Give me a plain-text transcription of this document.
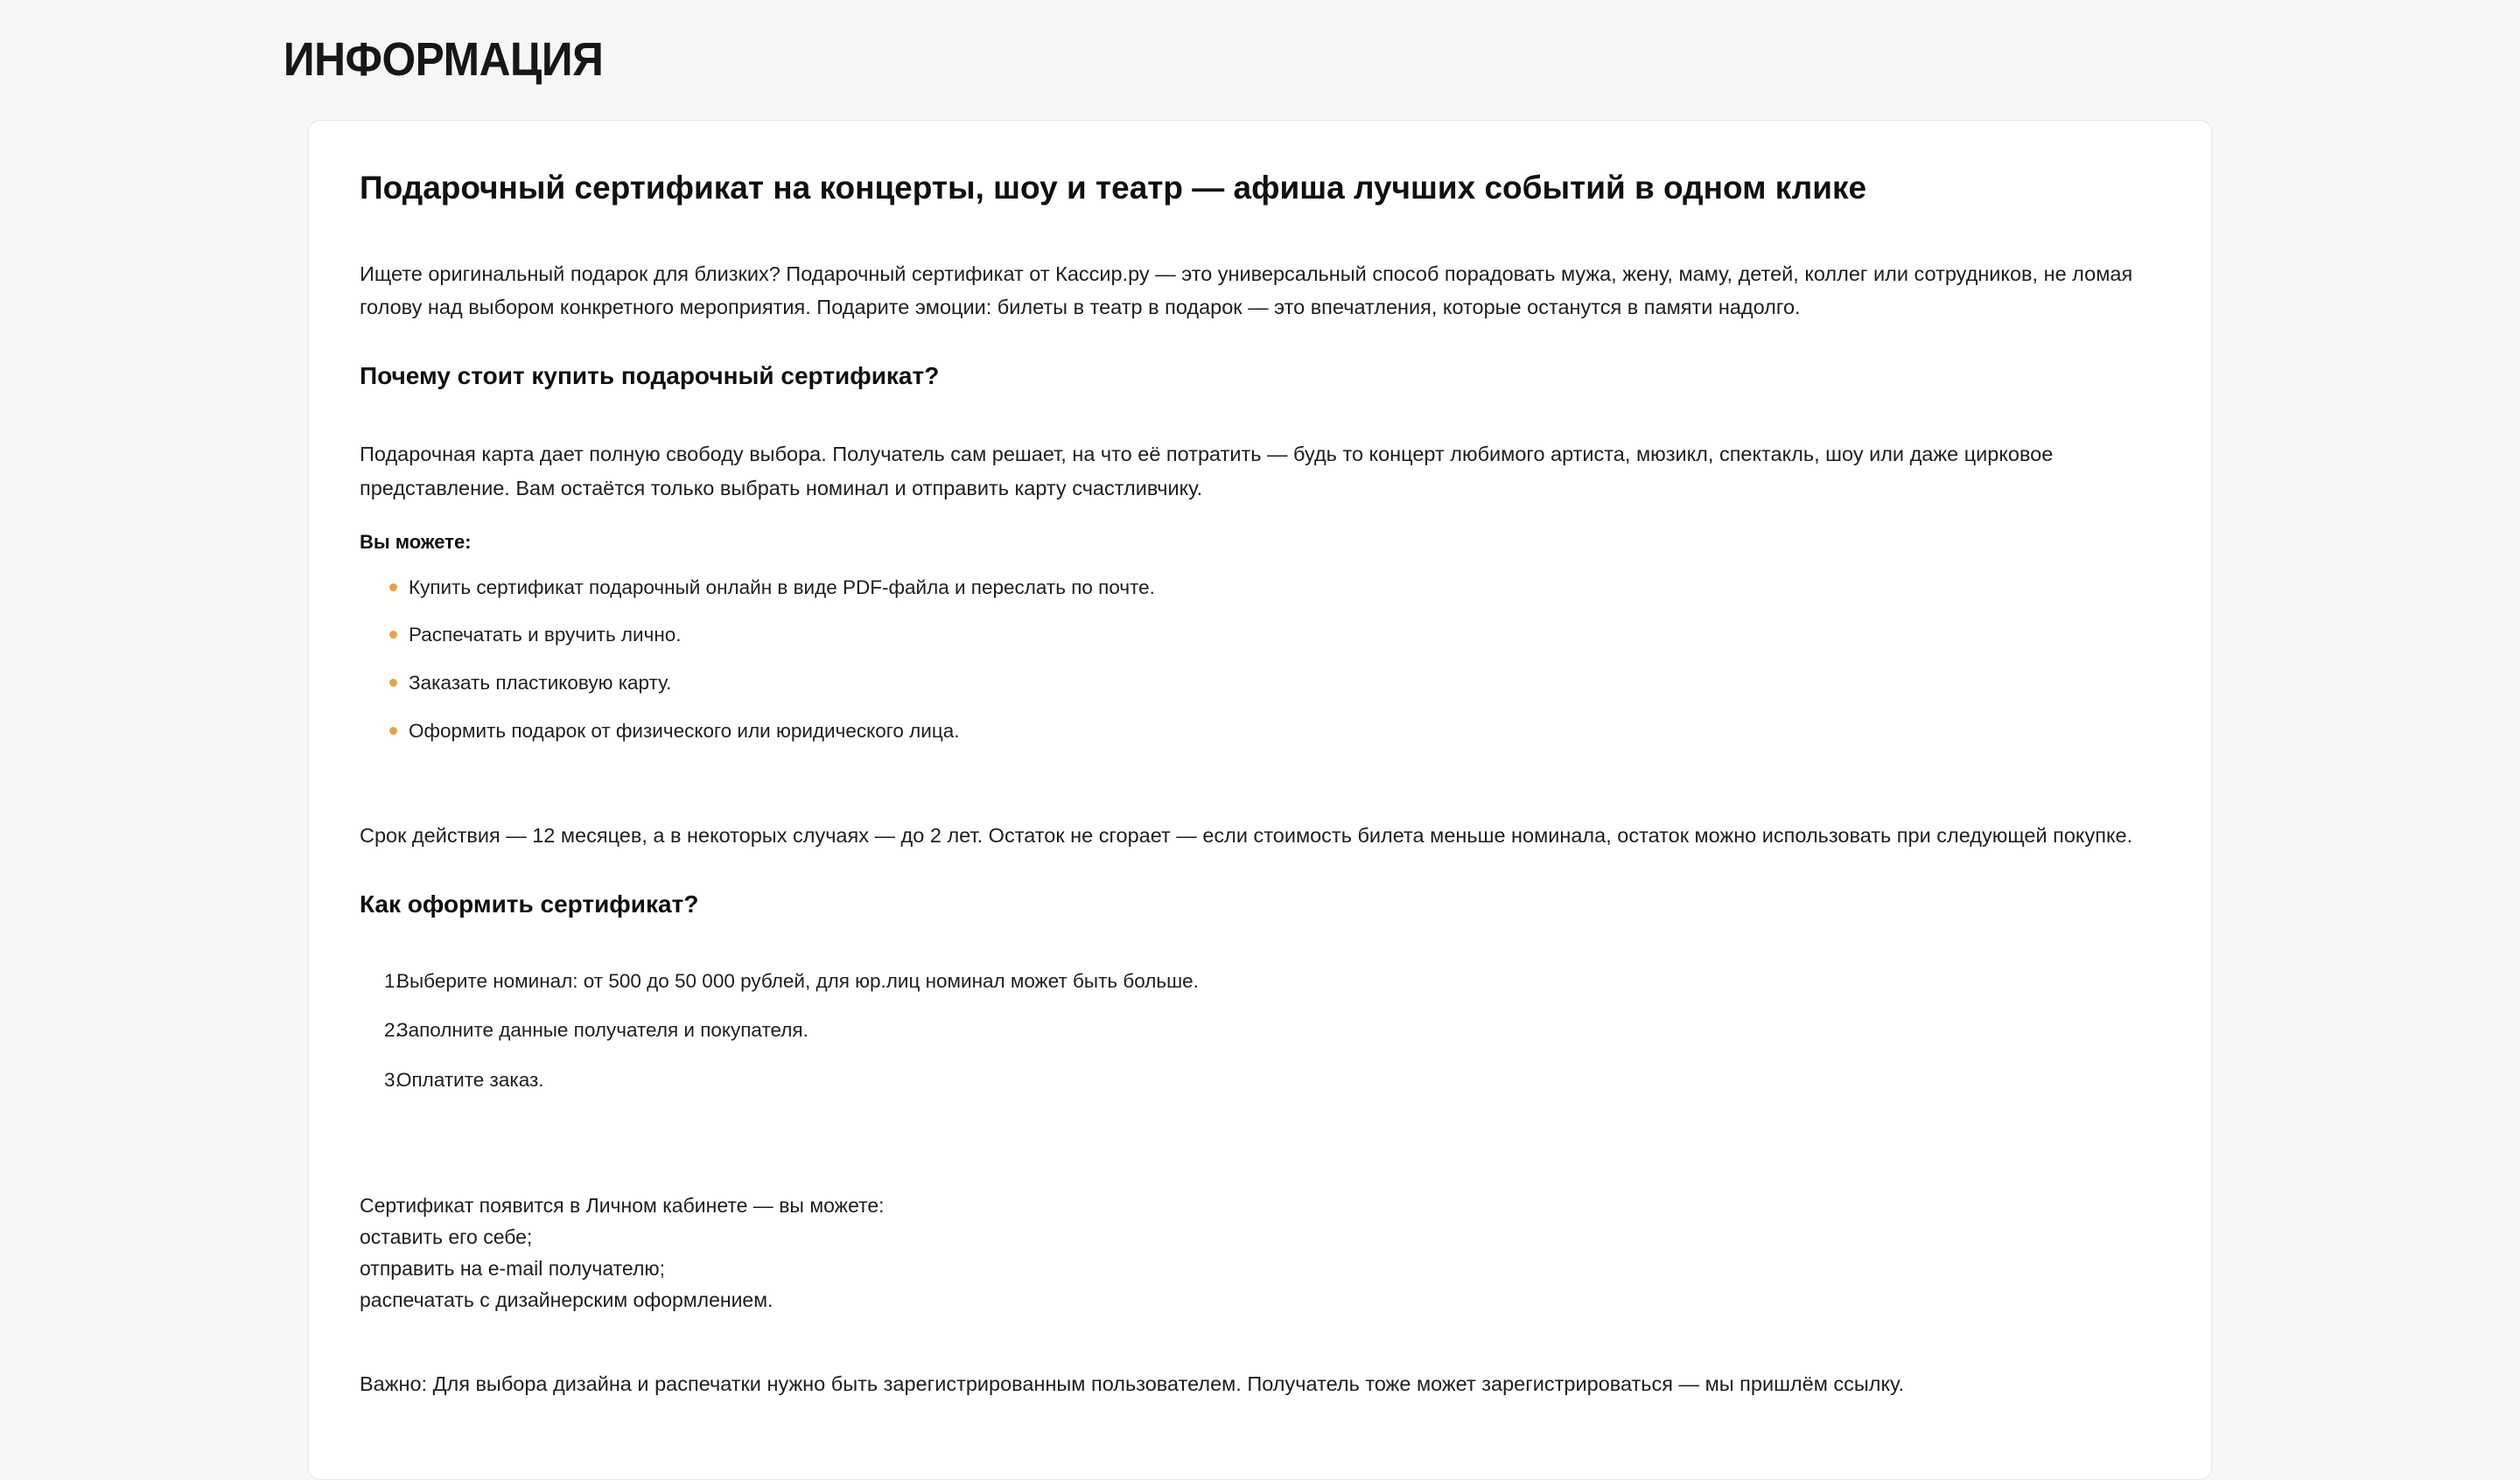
ИНФОРМАЦИЯ
Подарочный сертификат на концерты, шоу и театр — афиша лучших событий в одном клике

Ищете оригинальный подарок для близких? Подарочный сертификат от Кассир.ру — это универсальный способ порадовать мужа, жену, маму, детей, коллег или сотрудников, не ломая голову над выбором конкретного мероприятия. Подарите эмоции: билеты в театр в подарок — это впечатления, которые останутся в памяти надолго.

Почему стоит купить подарочный сертификат?

Подарочная карта дает полную свободу выбора. Получатель сам решает, на что её потратить — будь то концерт любимого артиста, мюзикл, спектакль, шоу или даже цирковое представление. Вам остаётся только выбрать номинал и отправить карту счастливчику.

Вы можете:

Купить сертификат подарочный онлайн в виде PDF-файла и переслать по почте.
Распечатать и вручить лично.
Заказать пластиковую карту.
Оформить подарок от физического или юридического лица.

Срок действия — 12 месяцев, а в некоторых случаях — до 2 лет. Остаток не сгорает — если стоимость билета меньше номинала, остаток можно использовать при следующей покупке.

Как оформить сертификат?
Выберите номинал: от 500 до 50 000 рублей, для юр.лиц номинал может быть больше.
Заполните данные получателя и покупателя.
Оплатите заказ.

Сертификат появится в Личном кабинете — вы можете:
оставить его себе;
отправить на e-mail получателю;
распечатать с дизайнерским оформлением.

Важно: Для выбора дизайна и распечатки нужно быть зарегистрированным пользователем. Получатель тоже может зарегистрироваться — мы пришлём ссылку.
